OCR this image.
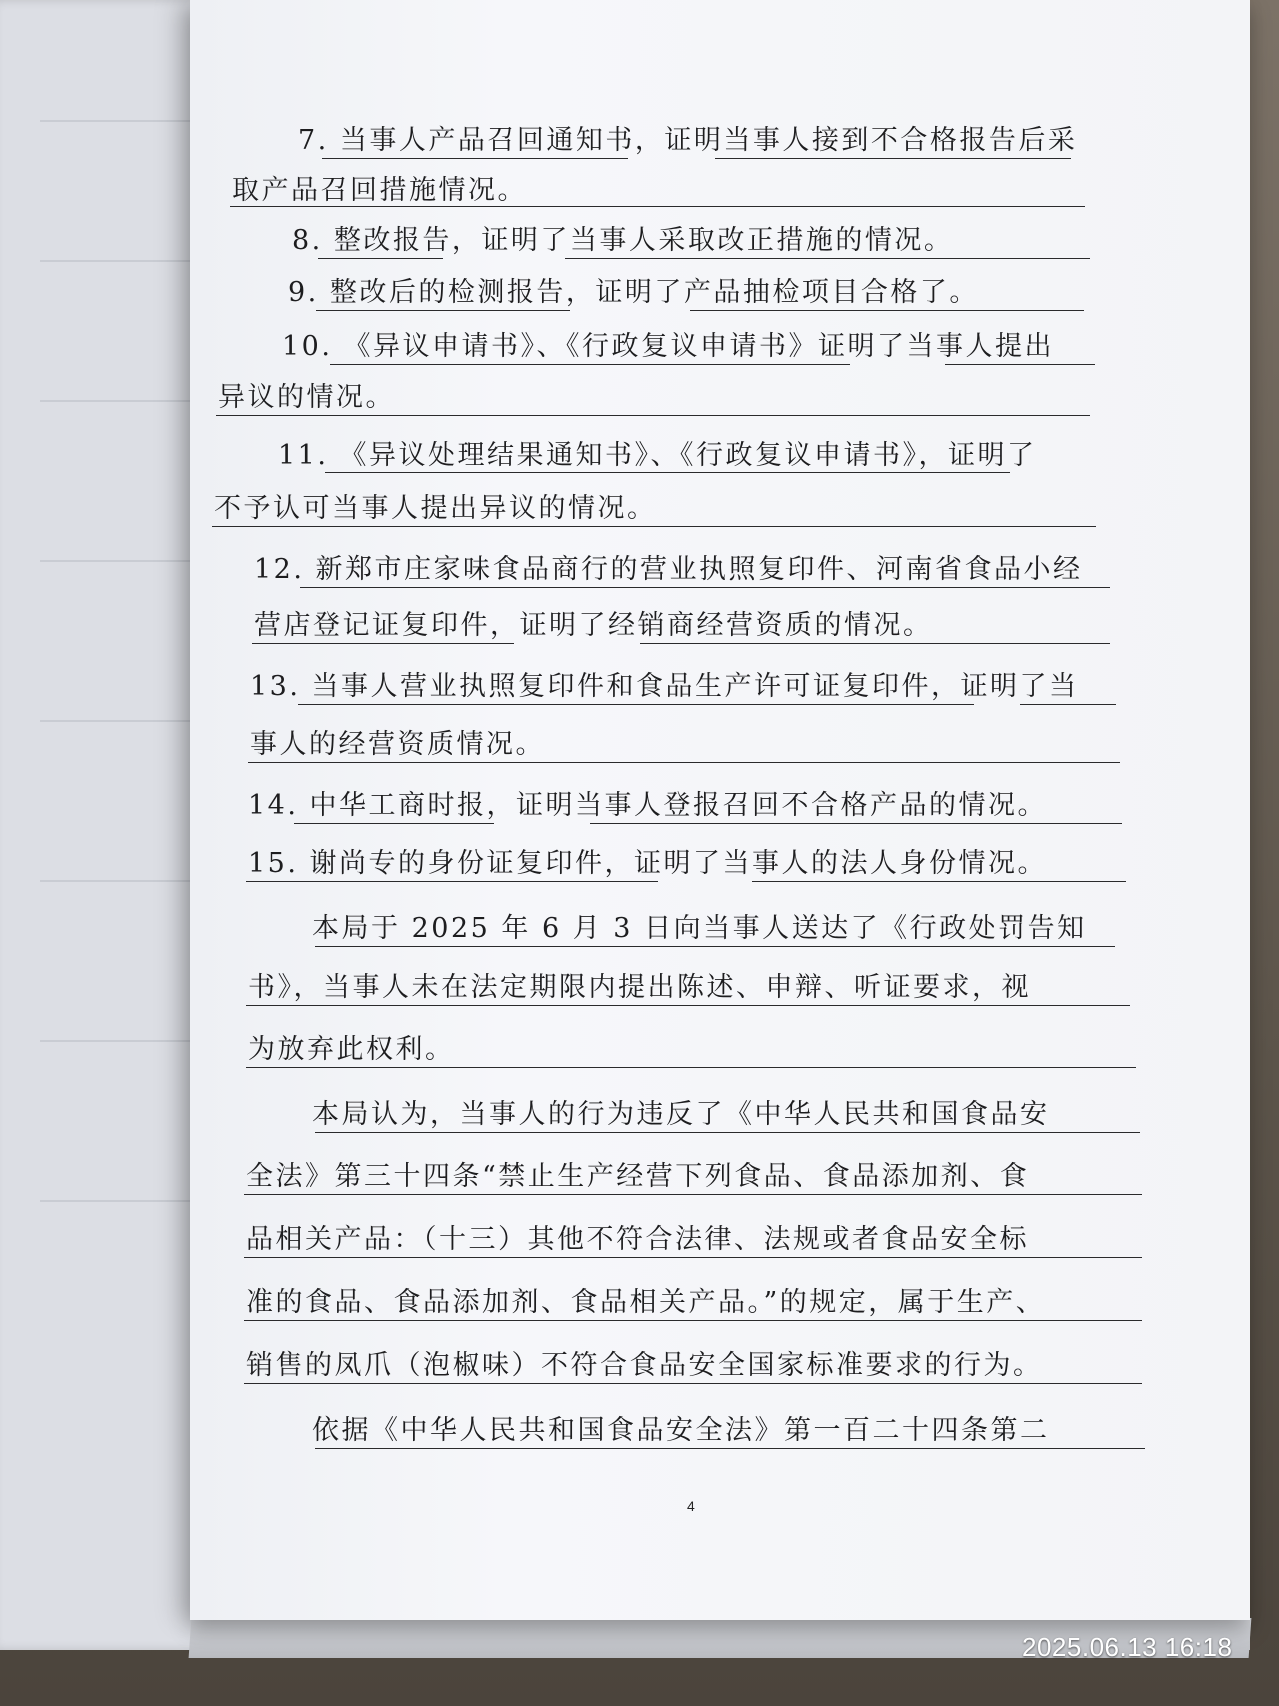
7. 当事人产品召回通知书，证明当事人接到不合格报告后采
取产品召回措施情况。
8. 整改报告，证明了当事人采取改正措施的情况。
9. 整改后的检测报告，证明了产品抽检项目合格了。
10. 《异议申请书》、《行政复议申请书》证明了当事人提出
异议的情况。
11. 《异议处理结果通知书》、《行政复议申请书》，证明了
不予认可当事人提出异议的情况。
12. 新郑市庄家味食品商行的营业执照复印件、河南省食品小经
营店登记证复印件，证明了经销商经营资质的情况。
13. 当事人营业执照复印件和食品生产许可证复印件，证明了当
事人的经营资质情况。
14. 中华工商时报，证明当事人登报召回不合格产品的情况。
15. 谢尚专的身份证复印件，证明了当事人的法人身份情况。
本局于 2025 年 6 月 3 日向当事人送达了《行政处罚告知
书》，当事人未在法定期限内提出陈述、申辩、听证要求，视
为放弃此权利。
本局认为，当事人的行为违反了《中华人民共和国食品安
全法》第三十四条“禁止生产经营下列食品、食品添加剂、食
品相关产品：（十三）其他不符合法律、法规或者食品安全标
准的食品、食品添加剂、食品相关产品。”的规定，属于生产、
销售的凤爪（泡椒味）不符合食品安全国家标准要求的行为。
依据《中华人民共和国食品安全法》第一百二十四条第二
4
2025.06.13 16:18
